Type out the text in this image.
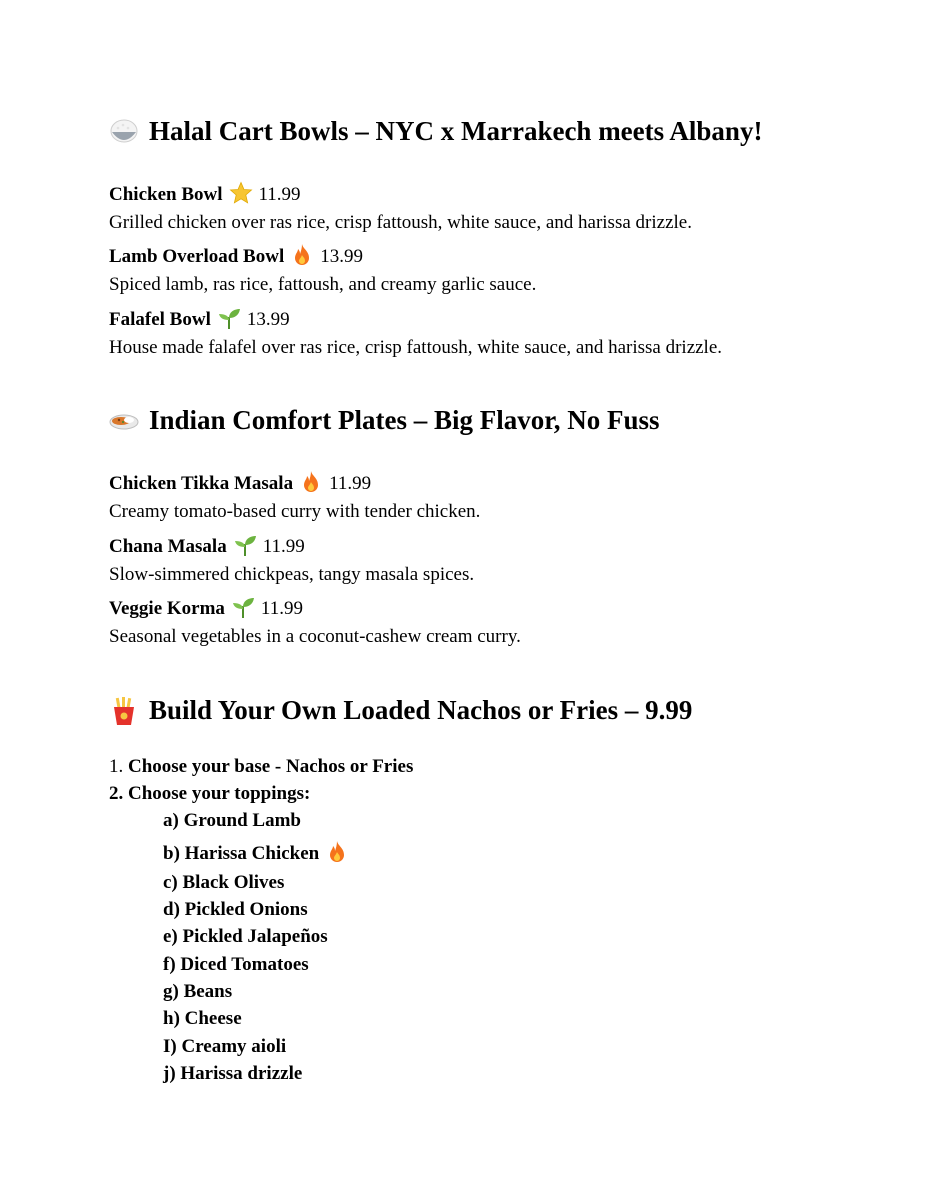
Halal Cart Bowls – NYC x Marrakech meets Albany!

Chicken Bowl 11.99

Grilled chicken over ras rice, crisp fattoush, white sauce, and harissa drizzle.

Lamb Overload Bowl 13.99

Spiced lamb, ras rice, fattoush, and creamy garlic sauce.

Falafel Bowl 13.99

House made falafel over ras rice, crisp fattoush, white sauce, and harissa drizzle.

Indian Comfort Plates – Big Flavor, No Fuss

Chicken Tikka Masala 11.99

Creamy tomato-based curry with tender chicken.

Chana Masala 11.99

Slow-simmered chickpeas, tangy masala spices.

Veggie Korma 11.99

Seasonal vegetables in a coconut-cashew cream curry.

Build Your Own Loaded Nachos or Fries – 9.99

1. Choose your base - Nachos or Fries

2. Choose your toppings:

a) Ground Lamb

b) Harissa Chicken

c) Black Olives

d) Pickled Onions

e) Pickled Jalapeños

f) Diced Tomatoes

g) Beans

h) Cheese

I) Creamy aioli

j) Harissa drizzle
